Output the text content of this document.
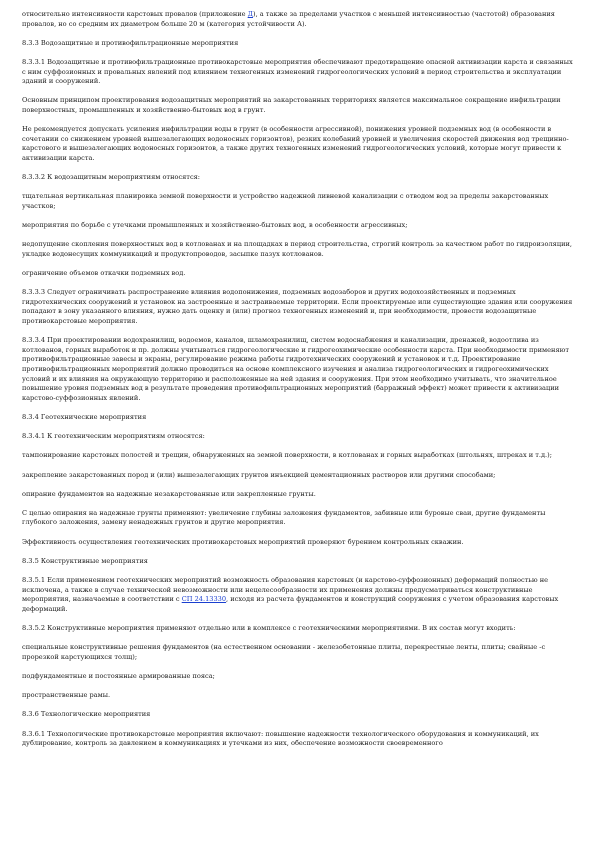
относительно интенсивности карстовых провалов (приложение Д), а также за пределами участков с меньшей интенсивностью (частотой) образования провалов, но со средним их диаметром больше 20 м (категория устойчивости А).
8.3.3 Водозащитные и противофильтрационные мероприятия
8.3.3.1 Водозащитные и противофильтрационные противокарстовые мероприятия обеспечивают предотвращение опасной активизации карста и связанных с ним суффозионных и провальных явлений под влиянием техногенных изменений гидрогеологических условий в период строительства и эксплуатации зданий и сооружений.
Основным принципом проектирования водозащитных мероприятий на закарстованных территориях является максимальное сокращение инфильтрации поверхностных, промышленных и хозяйственно-бытовых вод в грунт.
Не рекомендуется допускать усиления инфильтрации воды в грунт (в особенности агрессивной), понижения уровней подземных вод (в особенности в сочетании со снижением уровней вышезалегающих водоносных горизонтов), резких колебаний уровней и увеличения скоростей движения вод трещинно-карстового и вышезалегающих водоносных горизонтов, а также других техногенных изменений гидрогеологических условий, которые могут привести к активизации карста.
8.3.3.2 К водозащитным мероприятиям относятся:
тщательная вертикальная планировка земной поверхности и устройство надежной ливневой канализации с отводом вод за пределы закарстованных участков;
мероприятия по борьбе с утечками промышленных и хозяйственно-бытовых вод, в особенности агрессивных;
недопущение скопления поверхностных вод в котлованах и на площадках в период строительства, строгий контроль за качеством работ по гидроизоляции, укладке водонесущих коммуникаций и продуктопроводов, засыпке пазух котлованов.
ограничение объемов откачки подземных вод.
8.3.3.3 Следует ограничивать распространение влияния водопонижения, подземных водозаборов и других водохозяйственных и подземных гидротехнических сооружений и установок на застроенные и застраиваемые территории. Если проектируемые или существующие здания или сооружения попадают в зону указанного влияния, нужно дать оценку и (или) прогноз техногенных изменений и, при необходимости, провести водозащитные противокарстовые мероприятия.
8.3.3.4 При проектировании водохранилищ, водоемов, каналов, шламохранилищ, систем водоснабжения и канализации, дренажей, водоотлива из котлованов, горных выработок и пр. должны учитываться гидрогеологические и гидрогеохимические особенности карста. При необходимости применяют противофильтрационные завесы и экраны, регулирование режима работы гидротехнических сооружений и установок и т.д. Проектирование противофильтрационных мероприятий должно проводиться на основе комплексного изучения и анализа гидрогеологических и гидрогеохимических условий и их влияния на окружающую территорию и расположенные на ней здания и сооружения. При этом необходимо учитывать, что значительное повышение уровня подземных вод в результате проведения противофильтрационных мероприятий (барражный эффект) может привести к активизации карстово-суффозионных явлений.
8.3.4 Геотехнические мероприятия
8.3.4.1 К геотехническим мероприятиям относятся:
тампонирование карстовых полостей и трещин, обнаруженных на земной поверхности, в котлованах и горных выработках (штольнях, штреках и т.д.);
закрепление закарстованных пород и (или) вышезалегающих грунтов инъекцией цементационных растворов или другими способами;
опирание фундаментов на надежные незакарстованные или закрепленные грунты.
С целью опирания на надежные грунты применяют: увеличение глубины заложения фундаментов, забивные или буровые сваи, другие фундаменты глубокого заложения, замену ненадежных грунтов и другие мероприятия.
Эффективность осуществления геотехнических противокарстовых мероприятий проверяют бурением контрольных скважин.
8.3.5 Конструктивные мероприятия
8.3.5.1 Если применением геотехнических мероприятий возможность образования карстовых (и карстово-суффозионных) деформаций полностью не исключена, а также в случае технической невозможности или нецелесообразности их применения должны предусматриваться конструктивные мероприятия, назначаемые в соответствии с СП 24.13330, исходя из расчета фундаментов и конструкций сооружения с учетом образования карстовых деформаций.
8.3.5.2 Конструктивные мероприятия применяют отдельно или в комплексе с геотехническими мероприятиями. В их состав могут входить:
специальные конструктивные решения фундаментов (на естественном основании - железобетонные плиты, перекрестные ленты, плиты; свайные -с прорезкой карстующихся толщ);
подфундаментные и постоянные армированные пояса;
пространственные рамы.
8.3.6 Технологические мероприятия
8.3.6.1 Технологические противокарстовые мероприятия включают: повышение надежности технологического оборудования и коммуникаций, их дублирование, контроль за давлением в коммуникациях и утечками из них, обеспечение возможности своевременного
